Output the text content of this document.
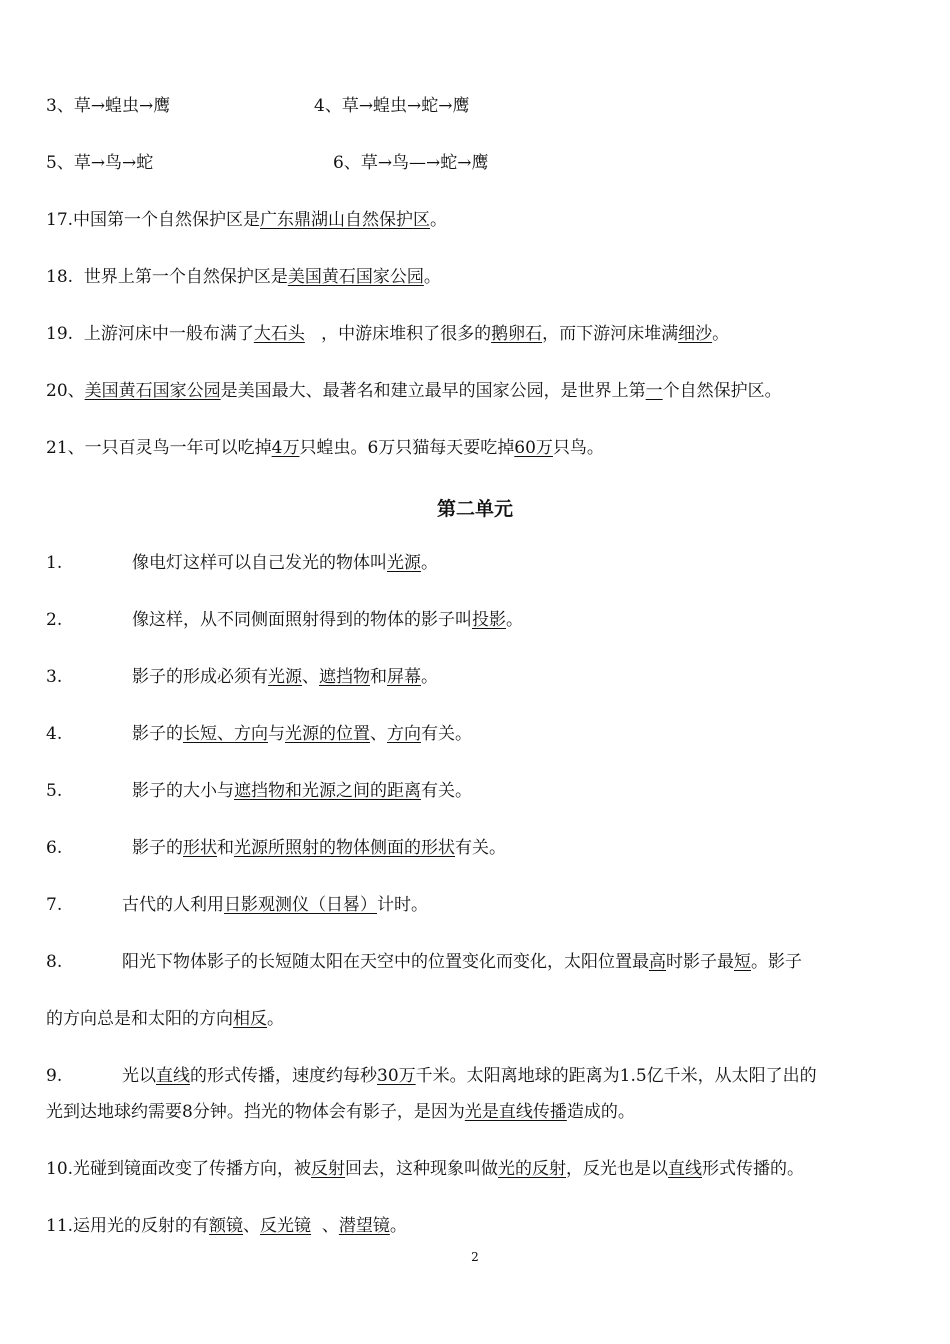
3、草→蝗虫→鹰	4、草→蝗虫→蛇→鹰
5、草→鸟→蛇	6、草→鸟—→蛇→鹰
17.中国第一个自然保护区是广东鼎湖山自然保护区。
18. 世界上第一个自然保护区是美国黄石国家公园。
19. 上游河床中一般布满了大石头 ，中游床堆积了很多的鹅卵石，而下游河床堆满细沙。
20、美国黄石国家公园是美国最大、最著名和建立最早的国家公园，是世界上第一个自然保护区。
21、一只百灵鸟一年可以吃掉4万只蝗虫。6万只猫每天要吃掉60万只鸟。
第二单元
1.	像电灯这样可以自己发光的物体叫光源。
2.	像这样，从不同侧面照射得到的物体的影子叫投影。
3.	影子的形成必须有光源、遮挡物和屏幕。
4.	影子的长短、方向与光源的位置、方向有关。
5.	影子的大小与遮挡物和光源之间的距离有关。
6.	影子的形状和光源所照射的物体侧面的形状有关。
7.	古代的人利用日影观测仪（日晷）计时。
8.	阳光下物体影子的长短随太阳在天空中的位置变化而变化，太阳位置最高时影子最短。影子
的方向总是和太阳的方向相反。
9.	光以直线的形式传播，速度约每秒30万千米。太阳离地球的距离为1.5亿千米，从太阳了出的
光到达地球约需要8分钟。挡光的物体会有影子，是因为光是直线传播造成的。
10.光碰到镜面改变了传播方向，被反射回去，这种现象叫做光的反射，反光也是以直线形式传播的。
11.运用光的反射的有额镜、反光镜 、潜望镜。
2
